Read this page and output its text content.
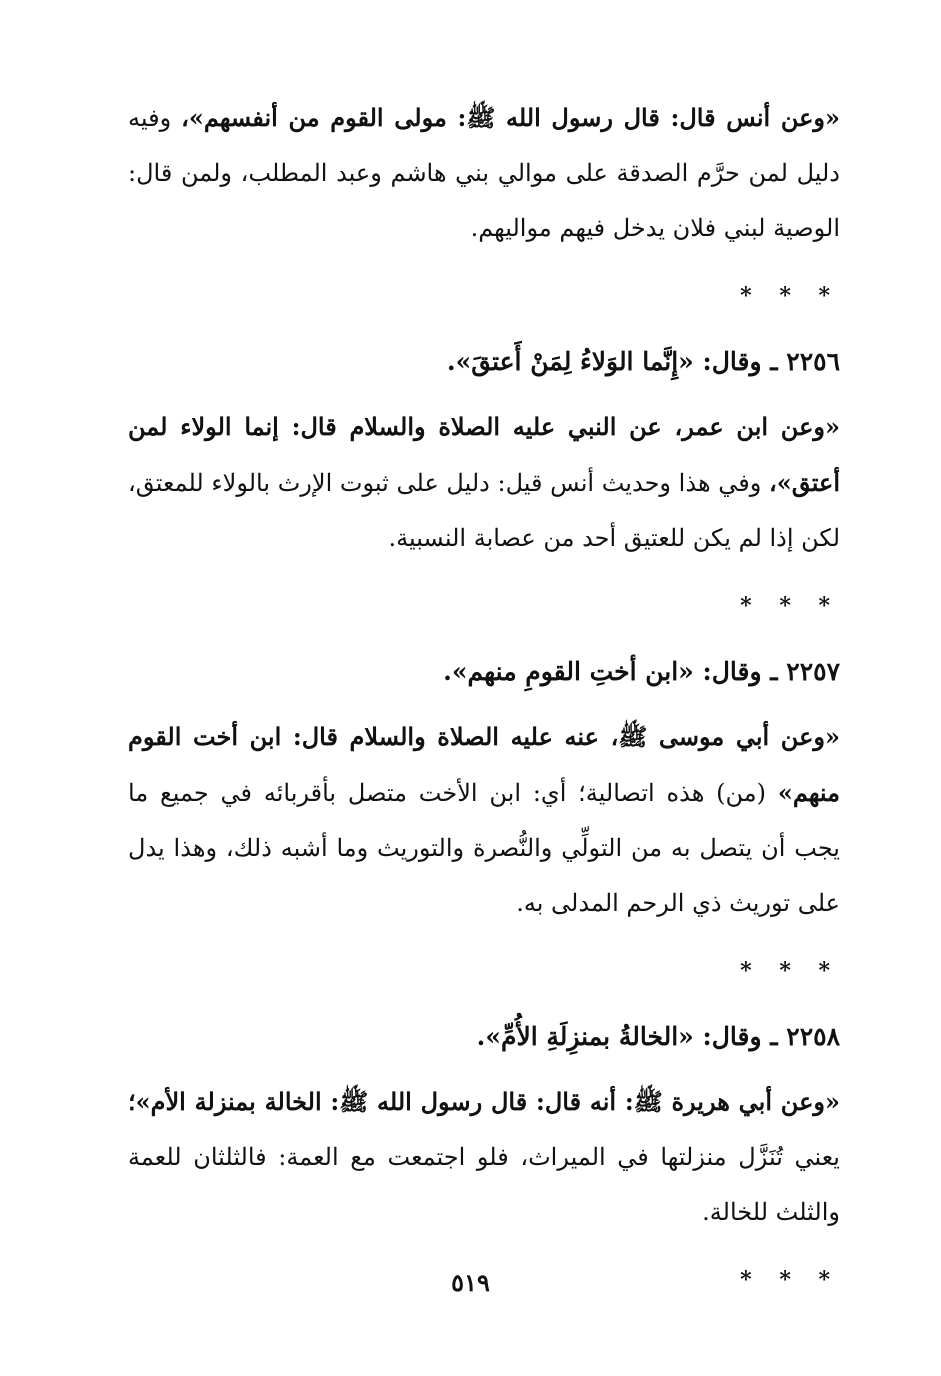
«وعن أنس قال: قال رسول الله ﷺ: مولى القوم من أنفسهم»، وفيه دليل لمن حرَّم الصدقة على موالي بني هاشم وعبد المطلب، ولمن قال: الوصية لبني فلان يدخل فيهم مواليهم.

* * *

٢٢٥٦ ـ وقال: «إِنَّما الوَلاءُ لِمَنْ أَعتقَ».

«وعن ابن عمر، عن النبي عليه الصلاة والسلام قال: إنما الولاء لمن أعتق»، وفي هذا وحديث أنس قيل: دليل على ثبوت الإرث بالولاء للمعتق، لكن إذا لم يكن للعتيق أحد من عصابة النسبية.

* * *

٢٢٥٧ ـ وقال: «ابن أختِ القومِ منهم».

«وعن أبي موسى ﷺ، عنه عليه الصلاة والسلام قال: ابن أخت القوم منهم» (من) هذه اتصالية؛ أي: ابن الأخت متصل بأقربائه في جميع ما يجب أن يتصل به من التولِّي والنُّصرة والتوريث وما أشبه ذلك، وهذا يدل على توريث ذي الرحم المدلى به.

* * *

٢٢٥٨ ـ وقال: «الخالةُ بمنزِلَةِ الأُمِّ».

«وعن أبي هريرة ﷺ: أنه قال: قال رسول الله ﷺ: الخالة بمنزلة الأم»؛ يعني تُنَزَّل منزلتها في الميراث، فلو اجتمعت مع العمة: فالثلثان للعمة والثلث للخالة.

* * *

٥١٩
